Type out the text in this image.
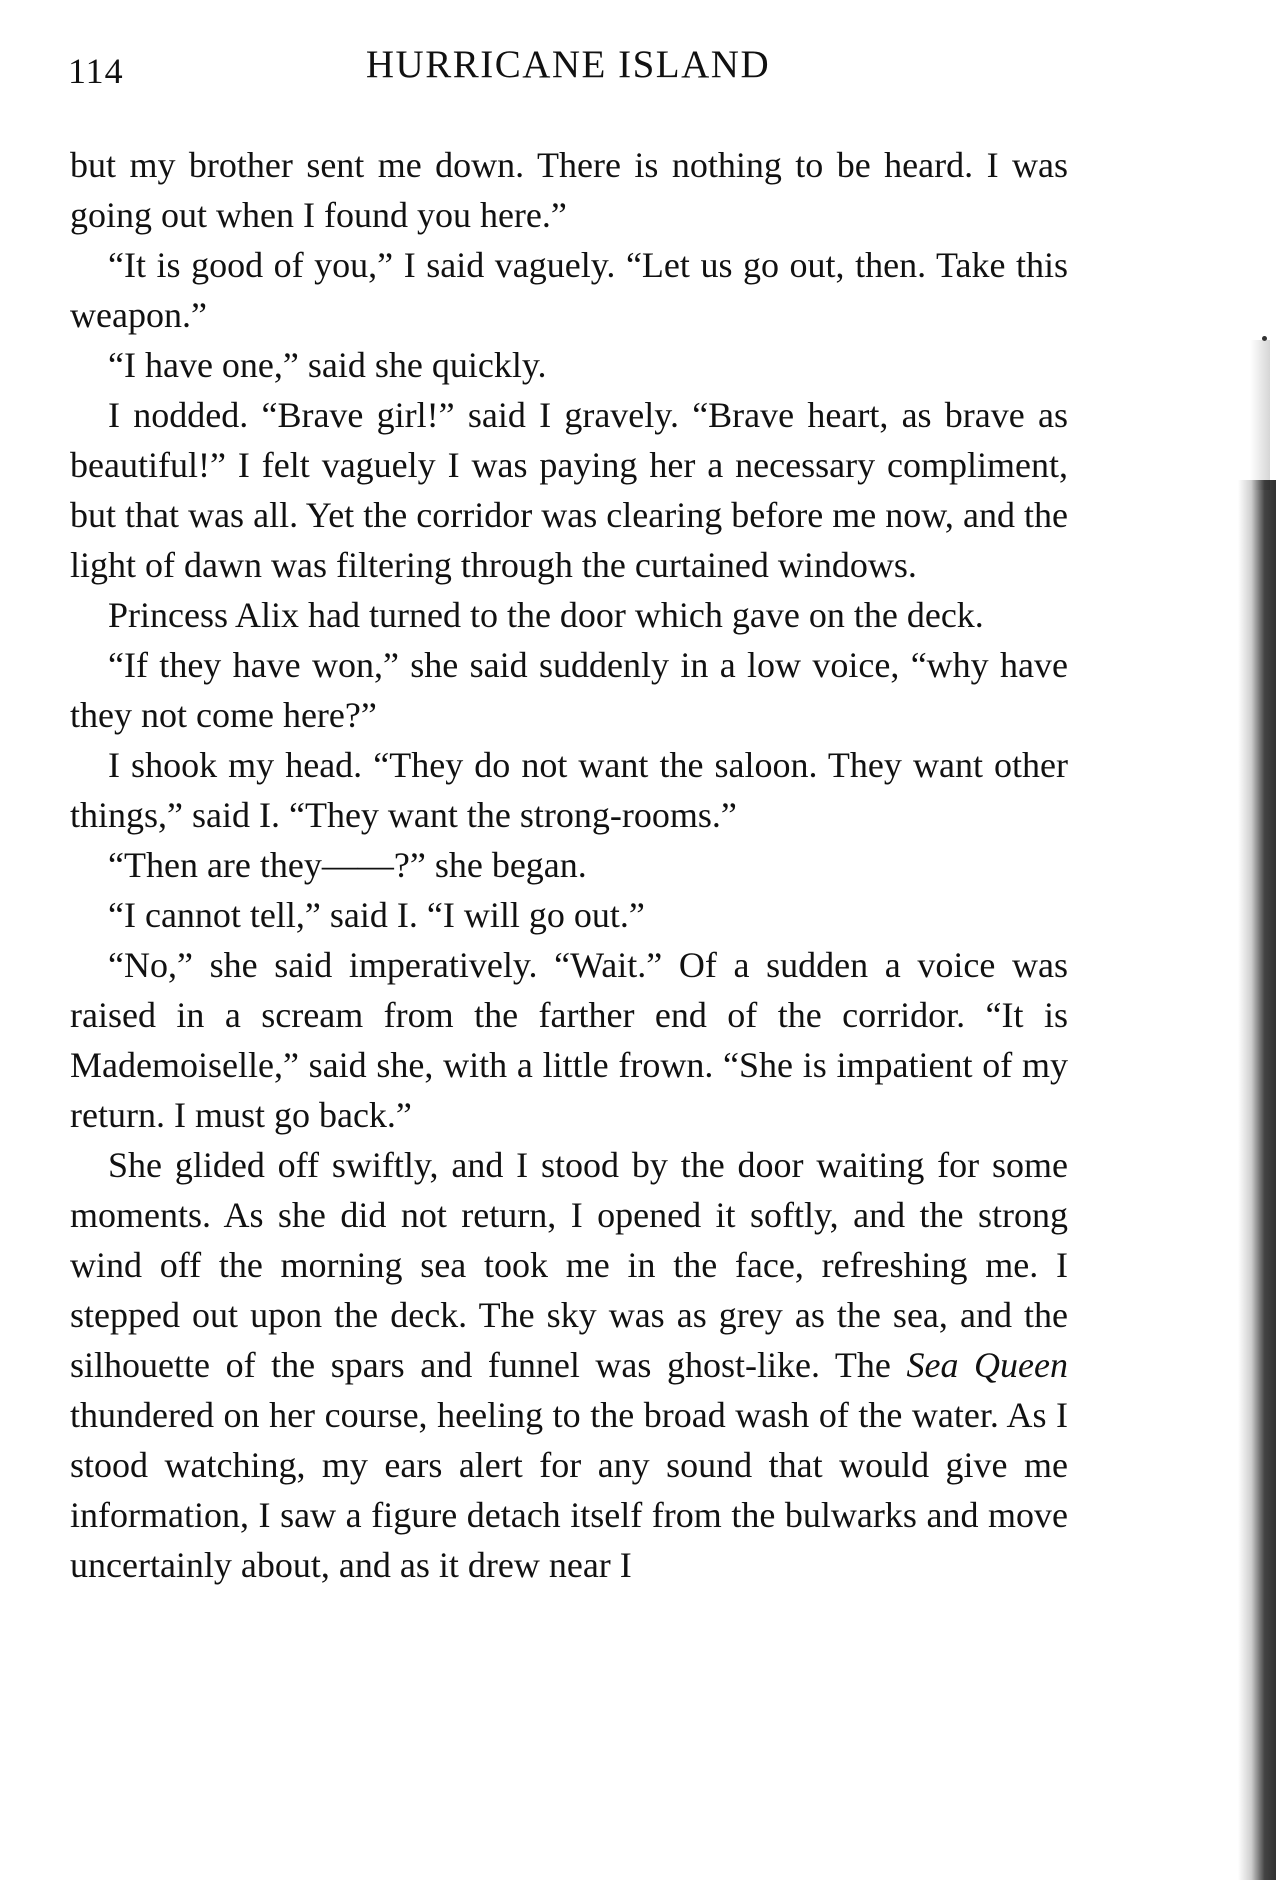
114	HURRICANE ISLAND

but my brother sent me down. There is nothing to be heard. I was going out when I found you here.”

“It is good of you,” I said vaguely. “Let us go out, then. Take this weapon.”

“I have one,” said she quickly.

I nodded. “Brave girl!” said I gravely. “Brave heart, as brave as beautiful!” I felt vaguely I was paying her a necessary compliment, but that was all. Yet the corridor was clearing before me now, and the light of dawn was filtering through the curtained windows.

Princess Alix had turned to the door which gave on the deck.

“If they have won,” she said suddenly in a low voice, “why have they not come here?”

I shook my head. “They do not want the saloon. They want other things,” said I. “They want the strong-rooms.”

“Then are they——?” she began.

“I cannot tell,” said I. “I will go out.”

“No,” she said imperatively. “Wait.” Of a sudden a voice was raised in a scream from the farther end of the corridor. “It is Mademoiselle,” said she, with a little frown. “She is impatient of my return. I must go back.”

She glided off swiftly, and I stood by the door waiting for some moments. As she did not return, I opened it softly, and the strong wind off the morning sea took me in the face, refreshing me. I stepped out upon the deck. The sky was as grey as the sea, and the silhouette of the spars and funnel was ghost-like. The Sea Queen thundered on her course, heeling to the broad wash of the water. As I stood watching, my ears alert for any sound that would give me information, I saw a figure detach itself from the bulwarks and move uncertainly about, and as it drew near I
